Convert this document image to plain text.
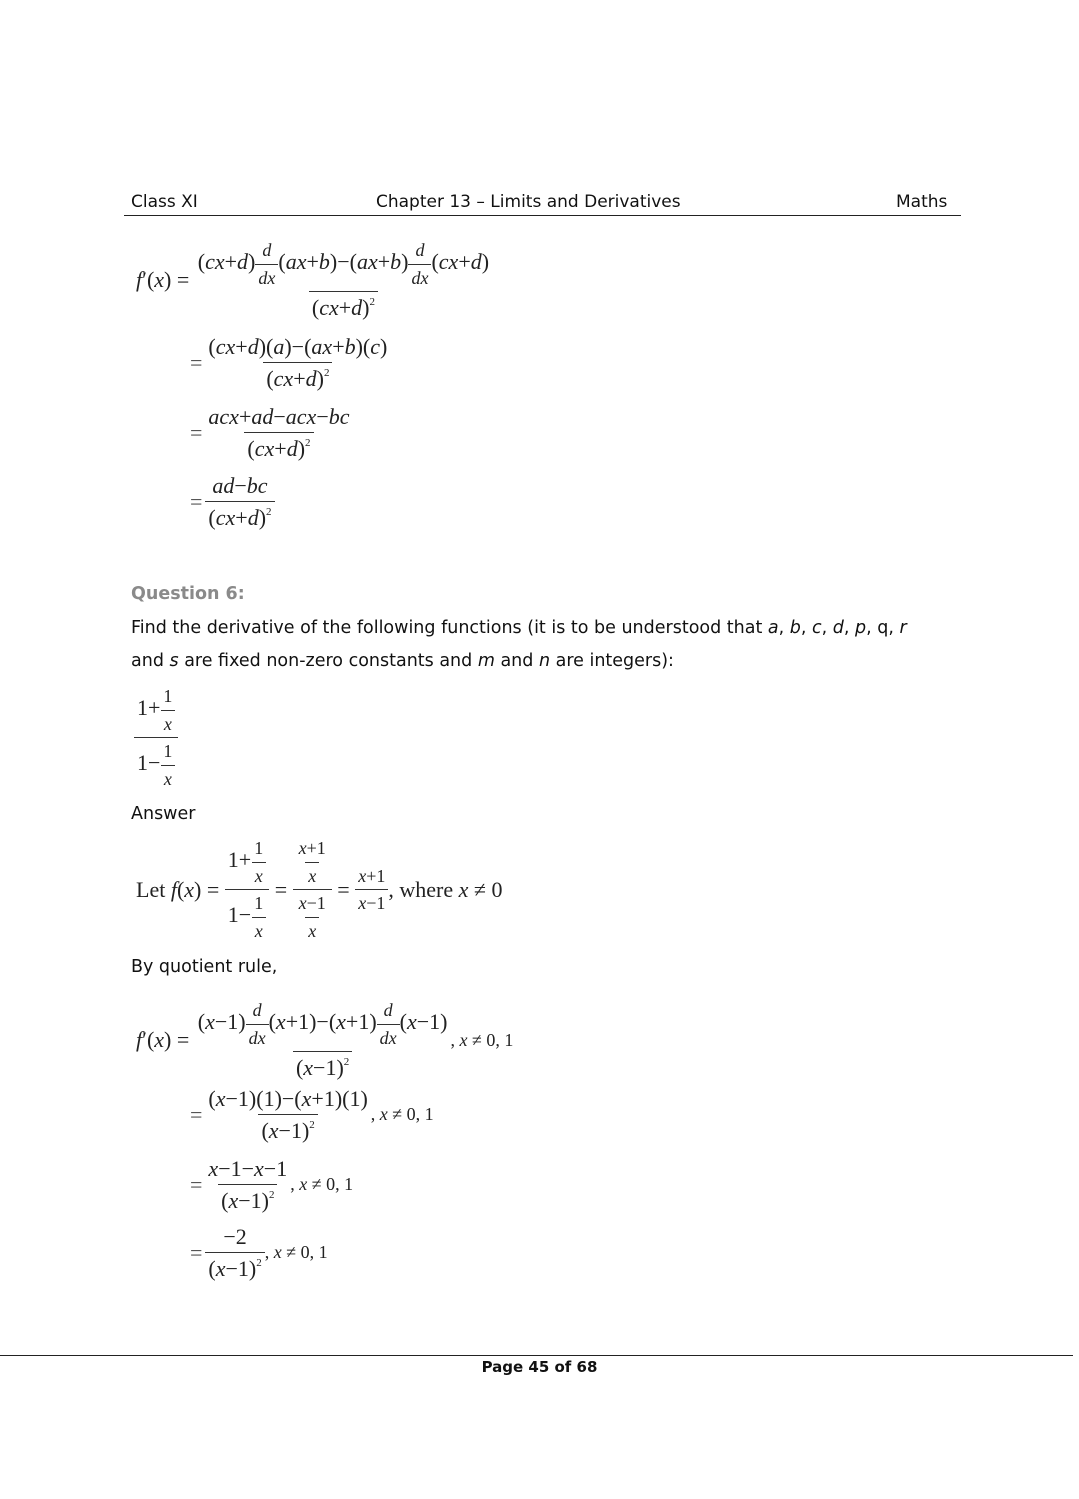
Class XI	Chapter 13 – Limits and Derivatives	Maths
$f'(x) = \frac{(cx+d) \frac{d}{dx} (ax+b)-(ax+b) \frac{d}{dx} (cx+d)}{(cx+d)^2}$
= $\frac{(cx+d)(a)-(ax+b)(c)}{(cx+d)^2}$
= $\frac{\text{acx+ad−acx−bc}}{(cx+d)^2}$
= $\frac{ad-bc}{(cx+d)^2}$
Question 6:
Find the derivative of the following functions (it is to be understood that a, b, c, d, p, q, r
and s are fixed non-zero constants and m and n are integers):
$\frac{1+ \frac{1}{x}}{1- \frac{1}{x}}$
Answer
Let $f(x) = \frac{1+ \frac{1}{x}}{1- \frac{1}{x}} = \frac{\frac{x+1}{x}}{\frac{x-1}{x}} = \frac{x+1}{x-1}$ , where x ≠ 0
By quotient rule,
$f'(x) = \frac{(x-1) \frac{d}{dx} (x+1)-(x+1) \frac{d}{dx} (x-1)}{(x-1)^2}$ , x ≠ 0, 1
= $\frac{(x-1)(1)-(x+1)(1)}{(x-1)^2}$ , x ≠ 0, 1
= $\frac{x-1-x-1}{(x-1)^2}$ , x ≠ 0, 1
= $\frac{-2}{(x-1)^2}$ , x ≠ 0, 1
Page 45 of 68
